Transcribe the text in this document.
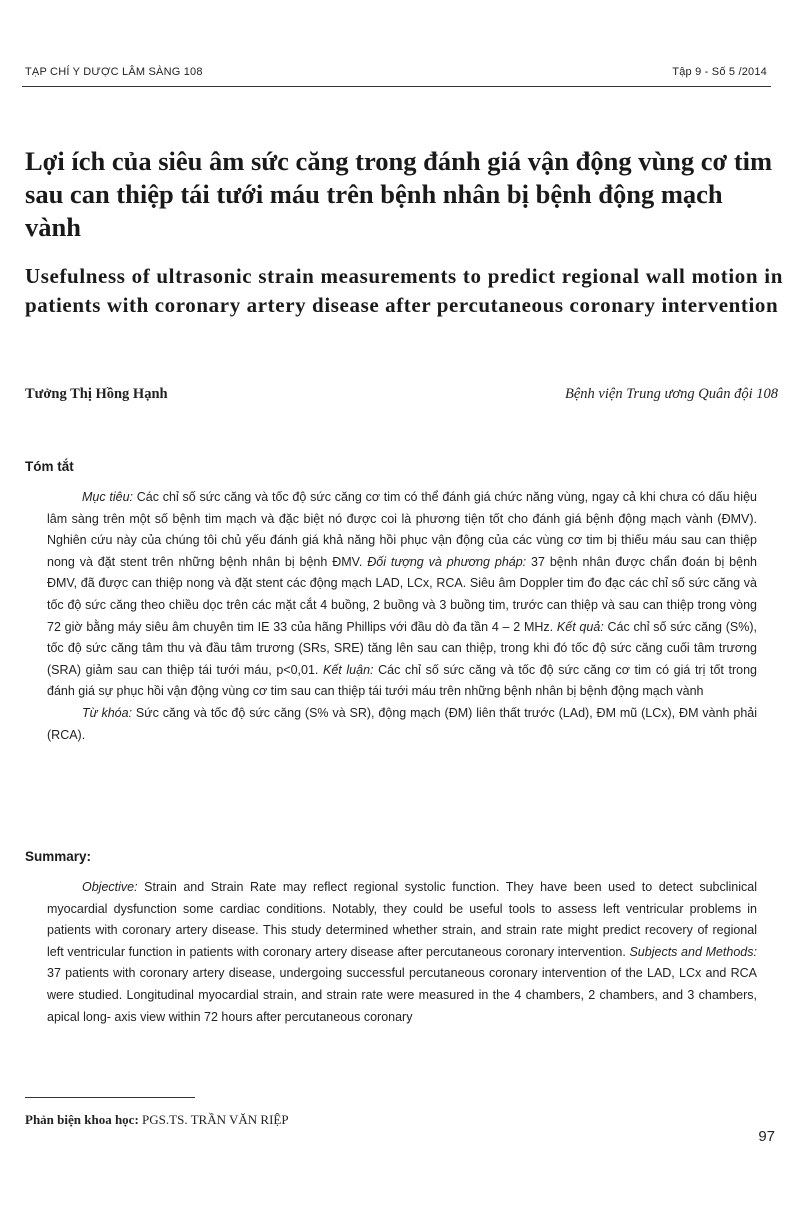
TẠP CHÍ Y DƯỢC LÂM SÀNG 108	Tập 9 - Số 5 /2014
Lợi ích của siêu âm sức căng trong đánh giá vận động vùng cơ tim sau can thiệp tái tưới máu trên bệnh nhân bị bệnh động mạch vành
Usefulness of ultrasonic strain measurements to predict regional wall motion in patients with coronary artery disease after percutaneous coronary intervention
Tưởng Thị Hồng Hạnh	Bệnh viện Trung ương Quân đội 108
Tóm tắt

Mục tiêu: Các chỉ số sức căng và tốc độ sức căng cơ tim có thể đánh giá chức năng vùng, ngay cả khi chưa có dấu hiệu lâm sàng trên một số bệnh tim mạch và đặc biệt nó được coi là phương tiện tốt cho đánh giá bệnh động mạch vành (ĐMV). Nghiên cứu này của chúng tôi chủ yếu đánh giá khả năng hồi phục vận động của các vùng cơ tim bị thiếu máu sau can thiệp nong và đặt stent trên những bệnh nhân bị bệnh ĐMV. Đối tượng và phương pháp: 37 bệnh nhân được chẩn đoán bị bệnh ĐMV, đã được can thiệp nong và đặt stent các động mạch LAD, LCx, RCA. Siêu âm Doppler tim đo đạc các chỉ số sức căng và tốc độ sức căng theo chiều dọc trên các mặt cắt 4 buồng, 2 buồng và 3 buồng tim, trước can thiệp và sau can thiệp trong vòng 72 giờ bằng máy siêu âm chuyên tim IE 33 của hãng Phillips với đầu dò đa tần 4 – 2 MHz. Kết quả: Các chỉ số sức căng (S%), tốc độ sức căng tâm thu và đầu tâm trương (SRs, SRE) tăng lên sau can thiệp, trong khi đó tốc độ sức căng cuối tâm trương (SRA) giảm sau can thiệp tái tưới máu, p<0,01. Kết luận: Các chỉ số sức căng và tốc độ sức căng cơ tim có giá trị tốt trong đánh giá sự phục hồi vận động vùng cơ tim sau can thiệp tái tưới máu trên những bệnh nhân bị bệnh động mạch vành

Từ khóa: Sức căng và tốc độ sức căng (S% và SR), động mạch (ĐM) liên thất trước (LAd), ĐM mũ (LCx), ĐM vành phải (RCA).

Summary:

Objective: Strain and Strain Rate may reflect regional systolic function. They have been used to detect subclinical myocardial dysfunction some cardiac conditions. Notably, they could be useful tools to assess left ventricular problems in patients with coronary artery disease. This study determined whether strain, and strain rate might predict recovery of regional left ventricular function in patients with coronary artery disease after percutaneous coronary intervention. Subjects and Methods: 37 patients with coronary artery disease, undergoing successful percutaneous coronary intervention of the LAD, LCx and RCA were studied. Longitudinal myocardial strain, and strain rate were measured in the 4 chambers, 2 chambers, and 3 chambers, apical long- axis view within 72 hours after percutaneous coronary

Phản biện khoa học: PGS.TS. TRẦN VĂN RIỆP
97
